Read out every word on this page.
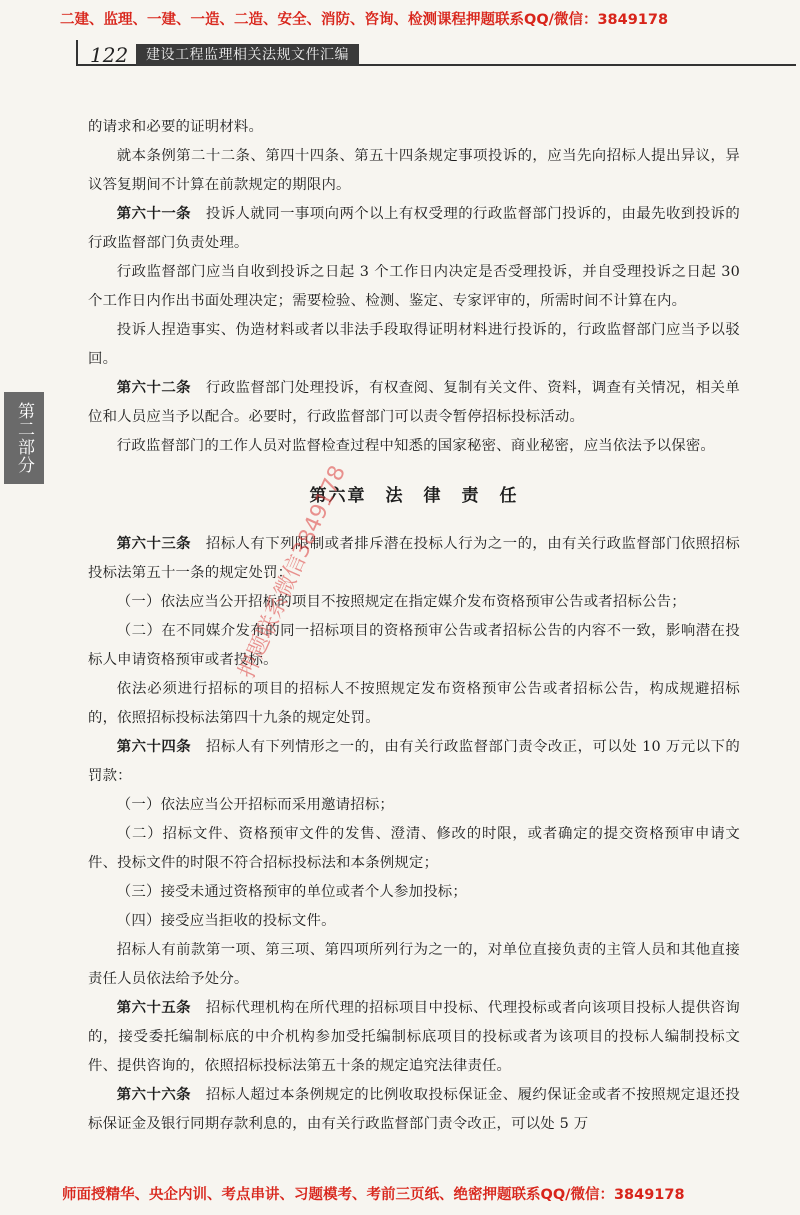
二建、监理、一建、一造、二造、安全、消防、咨询、检测课程押题联系QQ/微信：3849178
122	建设工程监理相关法规文件汇编
第二部分

的请求和必要的证明材料。

就本条例第二十二条、第四十四条、第五十四条规定事项投诉的，应当先向招标人提出异议，异议答复期间不计算在前款规定的期限内。

第六十一条　 投诉人就同一事项向两个以上有权受理的行政监督部门投诉的，由最先收到投诉的行政监督部门负责处理。

行政监督部门应当自收到投诉之日起 3 个工作日内决定是否受理投诉，并自受理投诉之日起 30 个工作日内作出书面处理决定；需要检验、检测、鉴定、专家评审的，所需时间不计算在内。

投诉人捏造事实、伪造材料或者以非法手段取得证明材料进行投诉的，行政监督部门应当予以驳回。

第六十二条　 行政监督部门处理投诉，有权查阅、复制有关文件、资料，调查有关情况，相关单位和人员应当予以配合。必要时，行政监督部门可以责令暂停招标投标活动。

行政监督部门的工作人员对监督检查过程中知悉的国家秘密、商业秘密，应当依法予以保密。

第六章　法　律　责　任

第六十三条　 招标人有下列限制或者排斥潜在投标人行为之一的，由有关行政监督部门依照招标投标法第五十一条的规定处罚：

（一）依法应当公开招标的项目不按照规定在指定媒介发布资格预审公告或者招标公告；

（二）在不同媒介发布的同一招标项目的资格预审公告或者招标公告的内容不一致，影响潜在投标人申请资格预审或者投标。

依法必须进行招标的项目的招标人不按照规定发布资格预审公告或者招标公告，构成规避招标的，依照招标投标法第四十九条的规定处罚。

第六十四条　 招标人有下列情形之一的，由有关行政监督部门责令改正，可以处 10 万元以下的罚款：

（一）依法应当公开招标而采用邀请招标；

（二）招标文件、资格预审文件的发售、澄清、修改的时限，或者确定的提交资格预审申请文件、投标文件的时限不符合招标投标法和本条例规定；

（三）接受未通过资格预审的单位或者个人参加投标；

（四）接受应当拒收的投标文件。

招标人有前款第一项、第三项、第四项所列行为之一的，对单位直接负责的主管人员和其他直接责任人员依法给予处分。

第六十五条　 招标代理机构在所代理的招标项目中投标、代理投标或者向该项目投标人提供咨询的，接受委托编制标底的中介机构参加受托编制标底项目的投标或者为该项目的投标人编制投标文件、提供咨询的，依照招标投标法第五十条的规定追究法律责任。

第六十六条　 招标人超过本条例规定的比例收取投标保证金、履约保证金或者不按照规定退还投标保证金及银行同期存款利息的，由有关行政监督部门责令改正，可以处 5 万

押题联系微信3849178
师面授精华、央企内训、考点串讲、习题模考、考前三页纸、绝密押题联系QQ/微信：3849178
